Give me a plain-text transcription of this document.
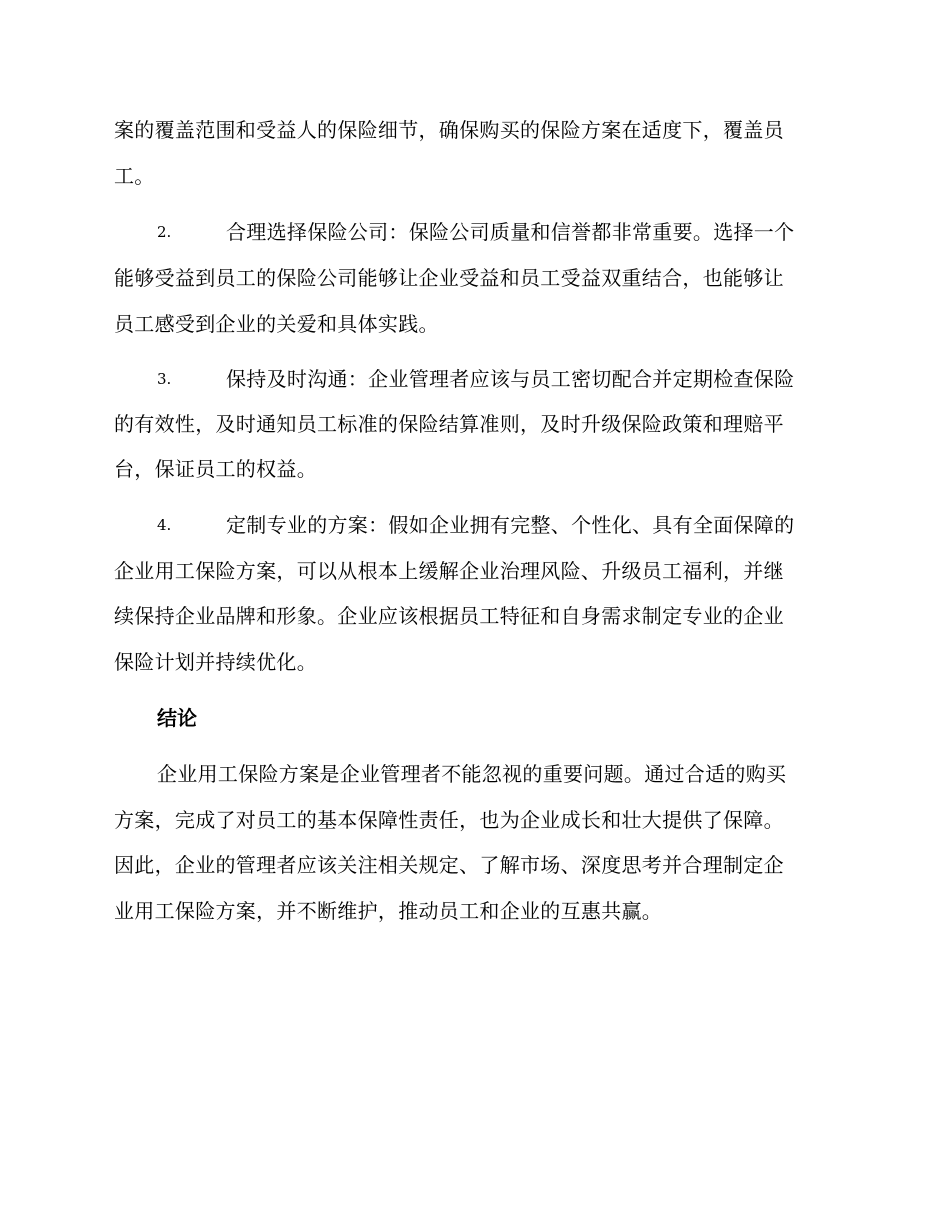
案的覆盖范围和受益人的保险细节，确保购买的保险方案在适度下，覆盖员
工。
2.	合理选择保险公司：保险公司质量和信誉都非常重要。选择一个
能够受益到员工的保险公司能够让企业受益和员工受益双重结合，也能够让
员工感受到企业的关爱和具体实践。
3.	保持及时沟通：企业管理者应该与员工密切配合并定期检查保险
的有效性，及时通知员工标准的保险结算准则，及时升级保险政策和理赔平
台，保证员工的权益。
4.	定制专业的方案：假如企业拥有完整、个性化、具有全面保障的
企业用工保险方案，可以从根本上缓解企业治理风险、升级员工福利，并继
续保持企业品牌和形象。企业应该根据员工特征和自身需求制定专业的企业
保险计划并持续优化。
结论
企业用工保险方案是企业管理者不能忽视的重要问题。通过合适的购买
方案，完成了对员工的基本保障性责任，也为企业成长和壮大提供了保障。
因此，企业的管理者应该关注相关规定、了解市场、深度思考并合理制定企
业用工保险方案，并不断维护，推动员工和企业的互惠共赢。
